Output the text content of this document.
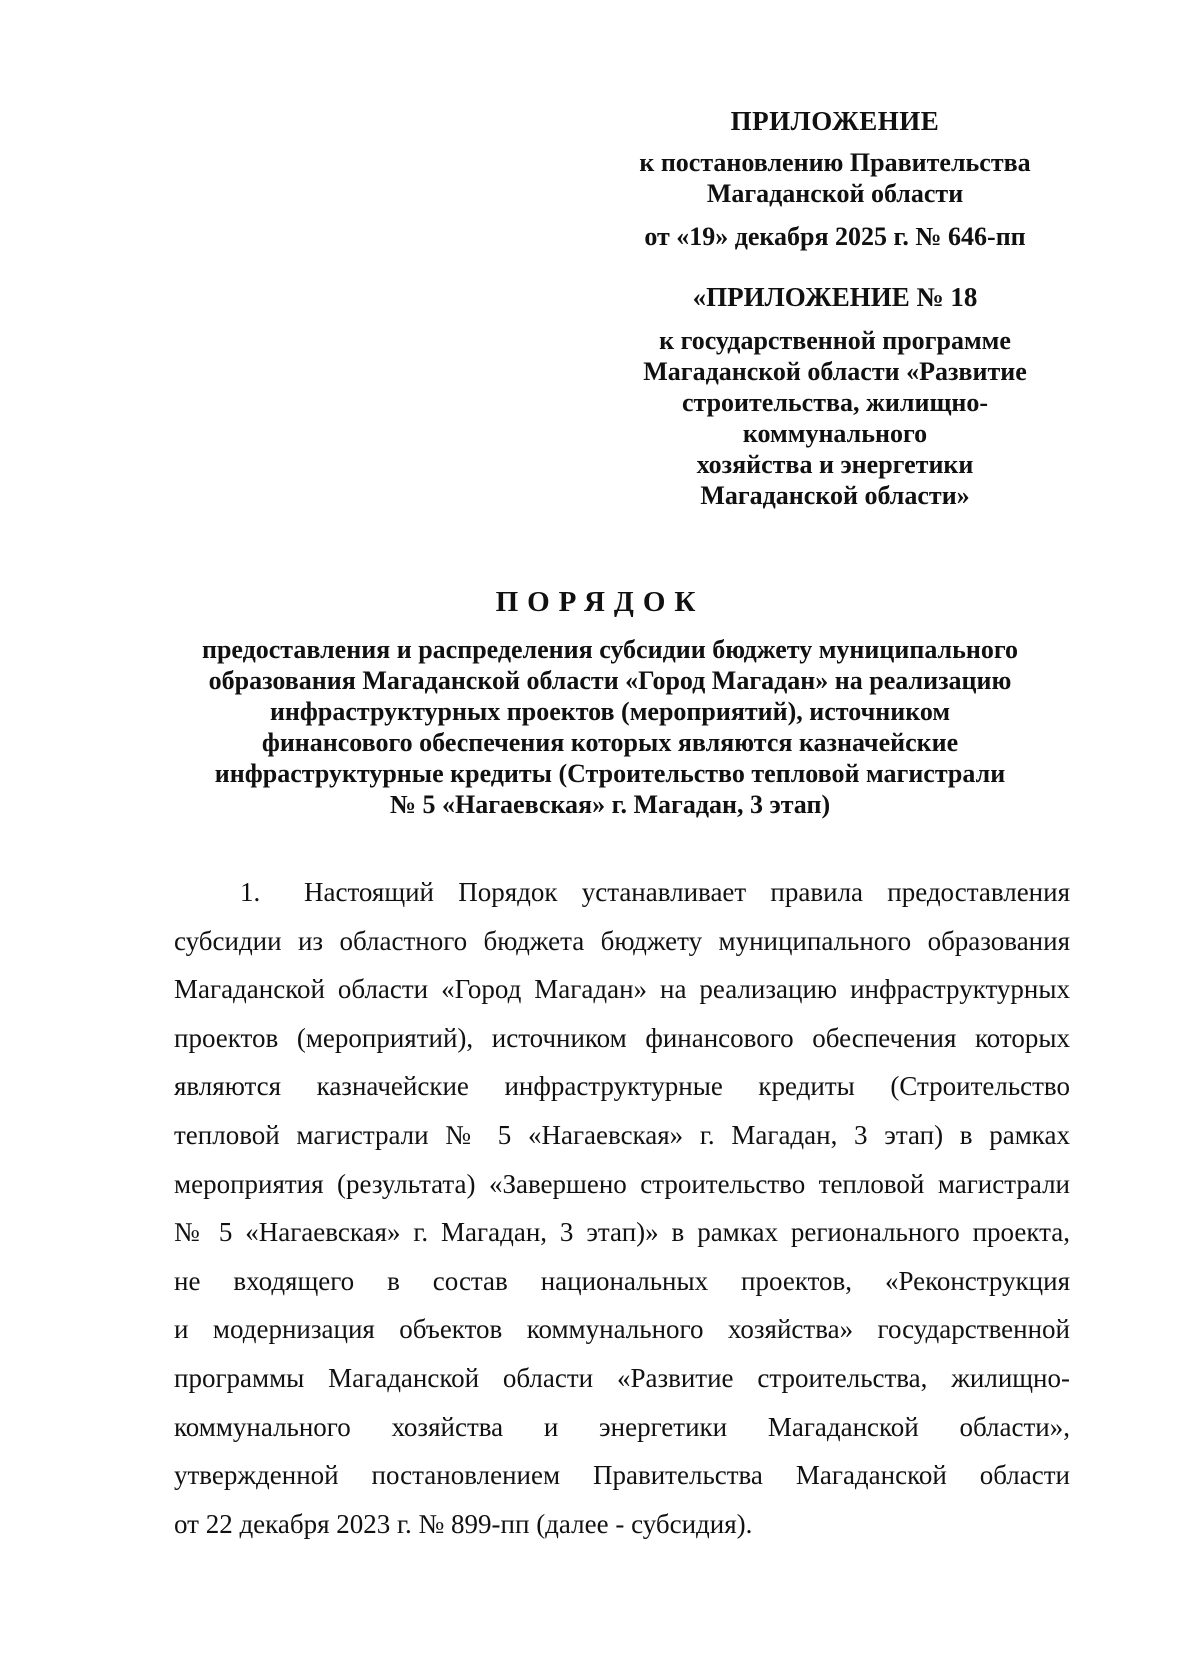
ПРИЛОЖЕНИЕ
к постановлению Правительства
Магаданской области
от «19» декабря 2025 г. № 646-пп
«ПРИЛОЖЕНИЕ № 18
к государственной программе
Магаданской области «Развитие
строительства, жилищно-
коммунального
хозяйства и энергетики
Магаданской области»
ПОРЯДОК
предоставления и распределения субсидии бюджету муниципального
образования Магаданской области «Город Магадан» на реализацию
инфраструктурных проектов (мероприятий), источником
финансового обеспечения которых являются казначейские
инфраструктурные кредиты (Строительство тепловой магистрали
№ 5 «Нагаевская» г. Магадан, 3 этап)
1.	Настоящий Порядок устанавливает правила предоставления
субсидии из областного бюджета бюджету муниципального образования
Магаданской области «Город Магадан» на реализацию инфраструктурных
проектов (мероприятий), источником финансового обеспечения которых
являются казначейские инфраструктурные кредиты (Строительство
тепловой магистрали № 5 «Нагаевская» г. Магадан, 3 этап) в рамках
мероприятия (результата) «Завершено строительство тепловой магистрали
№ 5 «Нагаевская» г. Магадан, 3 этап)» в рамках регионального проекта,
не входящего в состав национальных проектов, «Реконструкция
и модернизация объектов коммунального хозяйства» государственной
программы Магаданской области «Развитие строительства, жилищно-
коммунального хозяйства и энергетики Магаданской области»,
утвержденной постановлением Правительства Магаданской области
от 22 декабря 2023 г. № 899-пп (далее - субсидия).
